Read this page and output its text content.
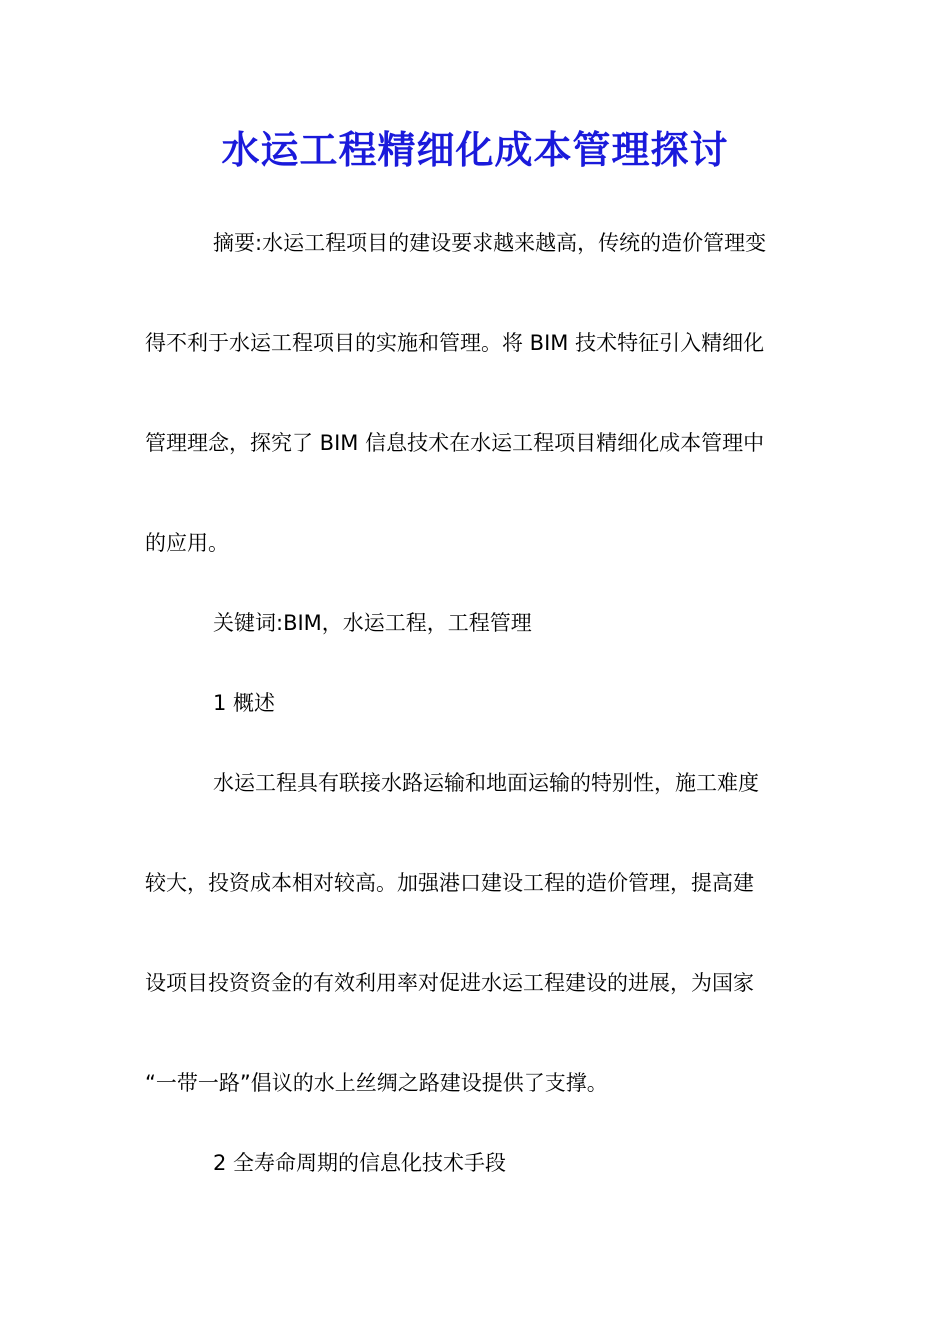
水运工程精细化成本管理探讨

摘要:水运工程项目的建设要求越来越高，传统的造价管理变

得不利于水运工程项目的实施和管理。将 BIM 技术特征引入精细化

管理理念，探究了 BIM 信息技术在水运工程项目精细化成本管理中

的应用。

关键词:BIM，水运工程，工程管理

1 概述

水运工程具有联接水路运输和地面运输的特别性，施工难度

较大，投资成本相对较高。加强港口建设工程的造价管理，提高建

设项目投资资金的有效利用率对促进水运工程建设的进展，为国家

“一带一路”倡议的水上丝绸之路建设提供了支撑。

2 全寿命周期的信息化技术手段
